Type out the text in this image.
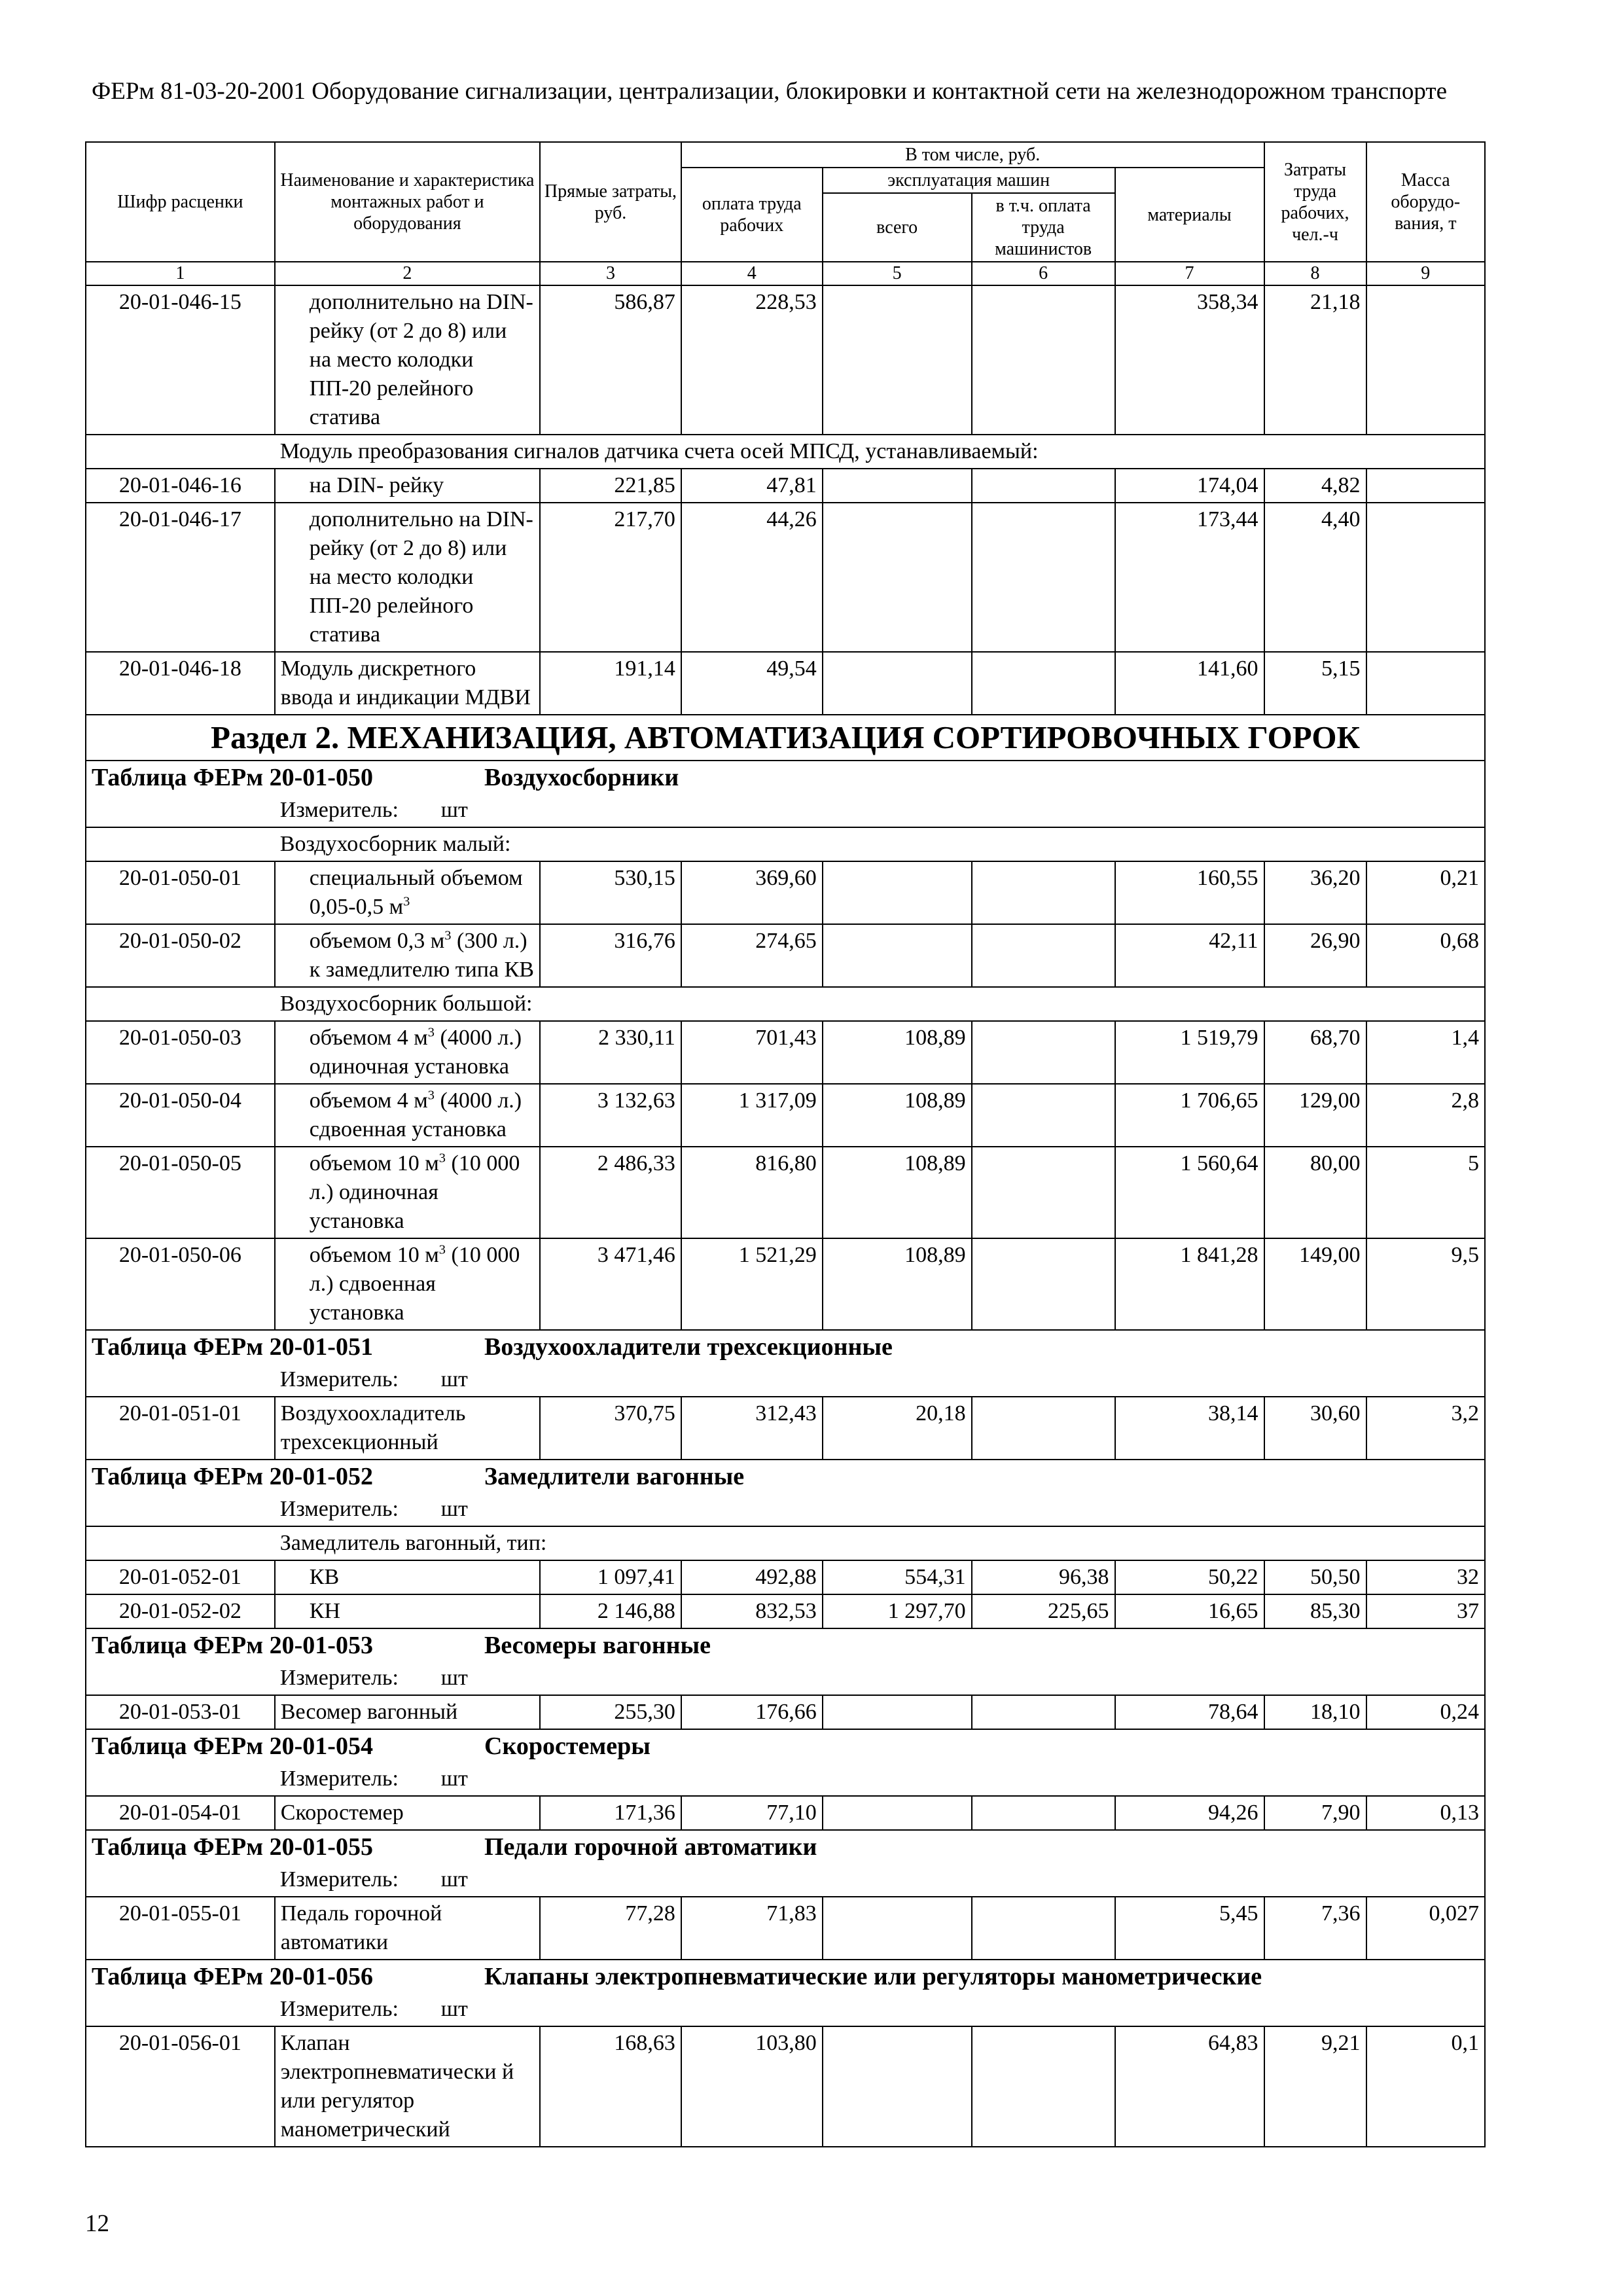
ФЕРм 81-03-20-2001 Оборудование сигнализации, централизации, блокировки и контактной сети на железнодорожном транспорте
Шифр расценки	Наименование и характеристика монтажных работ и оборудования	Прямые затраты, руб.	В том числе, руб.				Затраты труда рабочих, чел.-ч	Масса оборудо-вания, т
			оплата труда рабочих	эксплуатация машин		материалы		
				всего	в т.ч. оплата труда машинистов			
1	2	3	4	5	6	7	8	9
20-01-046-15	дополнительно на DIN-рейку (от 2 до 8) или на место колодки ПП-20 релейного статива	586,87	228,53			358,34	21,18	
	Модуль преобразования сигналов датчика счета осей МПСД, устанавливаемый:							
20-01-046-16	на DIN- рейку	221,85	47,81			174,04	4,82	
20-01-046-17	дополнительно на DIN-рейку (от 2 до 8) или на место колодки ПП-20 релейного статива	217,70	44,26			173,44	4,40	
20-01-046-18	Модуль дискретного ввода и индикации МДВИ	191,14	49,54			141,60	5,15	
Раздел 2. МЕХАНИЗАЦИЯ, АВТОМАТИЗАЦИЯ СОРТИРОВОЧНЫХ ГОРОК								
Таблица ФЕРм 20-01-050 Воздухосборники								
	Измеритель: шт							
	Воздухосборник малый:							
20-01-050-01	специальный объемом 0,05-0,5 $м^3$	530,15	369,60			160,55	36,20	0,21
20-01-050-02	объемом 0,3 $м^3$ (300 л.) к замедлителю типа КВ	316,76	274,65			42,11	26,90	0,68
	Воздухосборник большой:							
20-01-050-03	объемом 4 $м^3$ (4000 л.) одиночная установка	2 330,11	701,43	108,89		1 519,79	68,70	1,4
20-01-050-04	объемом 4 $м^3$ (4000 л.) сдвоенная установка	3 132,63	1 317,09	108,89		1 706,65	129,00	2,8
20-01-050-05	объемом 10 $м^3$ (10 000 л.) одиночная установка	2 486,33	816,80	108,89		1 560,64	80,00	5
20-01-050-06	объемом 10 $м^3$ (10 000 л.) сдвоенная установка	3 471,46	1 521,29	108,89		1 841,28	149,00	9,5
Таблица ФЕРм 20-01-051 Воздухоохладители трехсекционные								
	Измеритель: шт							
20-01-051-01	Воздухоохладитель трехсекционный	370,75	312,43	20,18		38,14	30,60	3,2
Таблица ФЕРм 20-01-052 Замедлители вагонные								
	Измеритель: шт							
	Замедлитель вагонный, тип:							
20-01-052-01	КВ	1 097,41	492,88	554,31	96,38	50,22	50,50	32
20-01-052-02	КН	2 146,88	832,53	1 297,70	225,65	16,65	85,30	37
Таблица ФЕРм 20-01-053 Весомеры вагонные								
	Измеритель: шт							
20-01-053-01	Весомер вагонный	255,30	176,66			78,64	18,10	0,24
Таблица ФЕРм 20-01-054 Скоростемеры								
	Измеритель: шт							
20-01-054-01	Скоростемер	171,36	77,10			94,26	7,90	0,13
Таблица ФЕРм 20-01-055 Педали горочной автоматики								
	Измеритель: шт							
20-01-055-01	Педаль горочной автоматики	77,28	71,83			5,45	7,36	0,027
Таблица ФЕРм 20-01-056 Клапаны электропневматические или регуляторы манометрические								
	Измеритель: шт							
20-01-056-01	Клапан электропневматически й или регулятор манометрический	168,63	103,80			64,83	9,21	0,1
12
